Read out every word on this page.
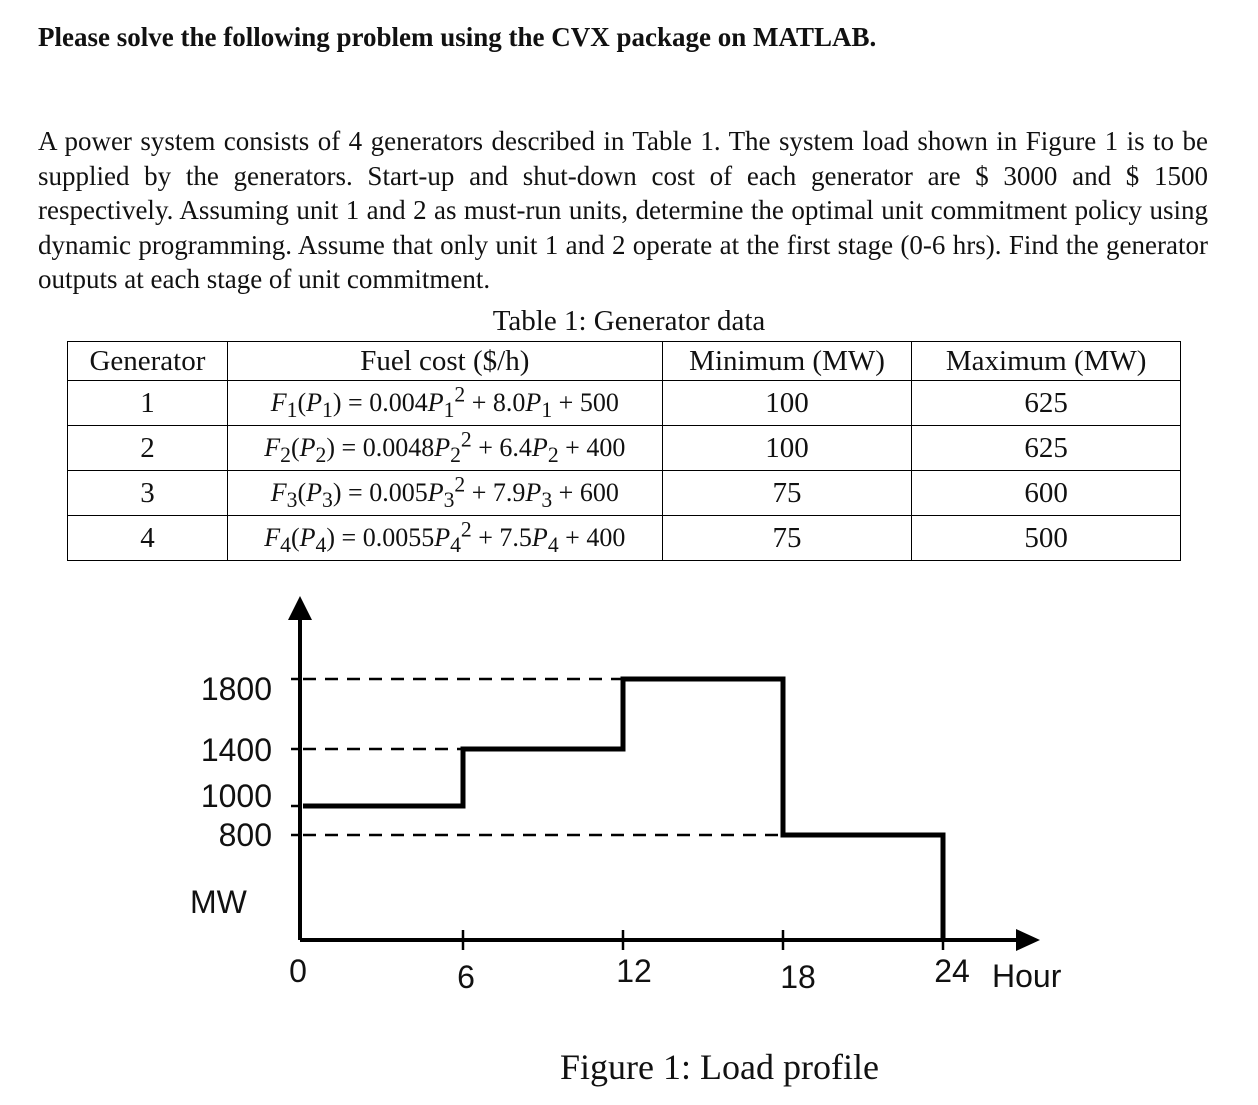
Please solve the following problem using the CVX package on MATLAB.

A power system consists of 4 generators described in Table 1. The system load shown in Figure 1 is to be supplied by the generators. Start-up and shut-down cost of each generator are $ 3000 and $ 1500 respectively. Assuming unit 1 and 2 as must-run units, determine the optimal unit commitment policy using dynamic programming. Assume that only unit 1 and 2 operate at the first stage (0-6 hrs). Find the generator outputs at each stage of unit commitment.

Table 1: Generator data
Generator	Fuel cost ($/h)	Minimum (MW)	Maximum (MW)
1	$F_1(P_1) = 0.004P_1^2 + 8.0P_1 + 500$	100	625
2	$F_2(P_2) = 0.0048P_2^2 + 6.4P_2 + 400$	100	625
3	$F_3(P_3) = 0.005P_3^2 + 7.9P_3 + 600$	75	600
4	$F_4(P_4) = 0.0055P_4^2 + 7.5P_4 + 400$	75	500
1800
1400
1000
800
MW
0	6	12	18	24 Hour
Figure 1: Load profile
